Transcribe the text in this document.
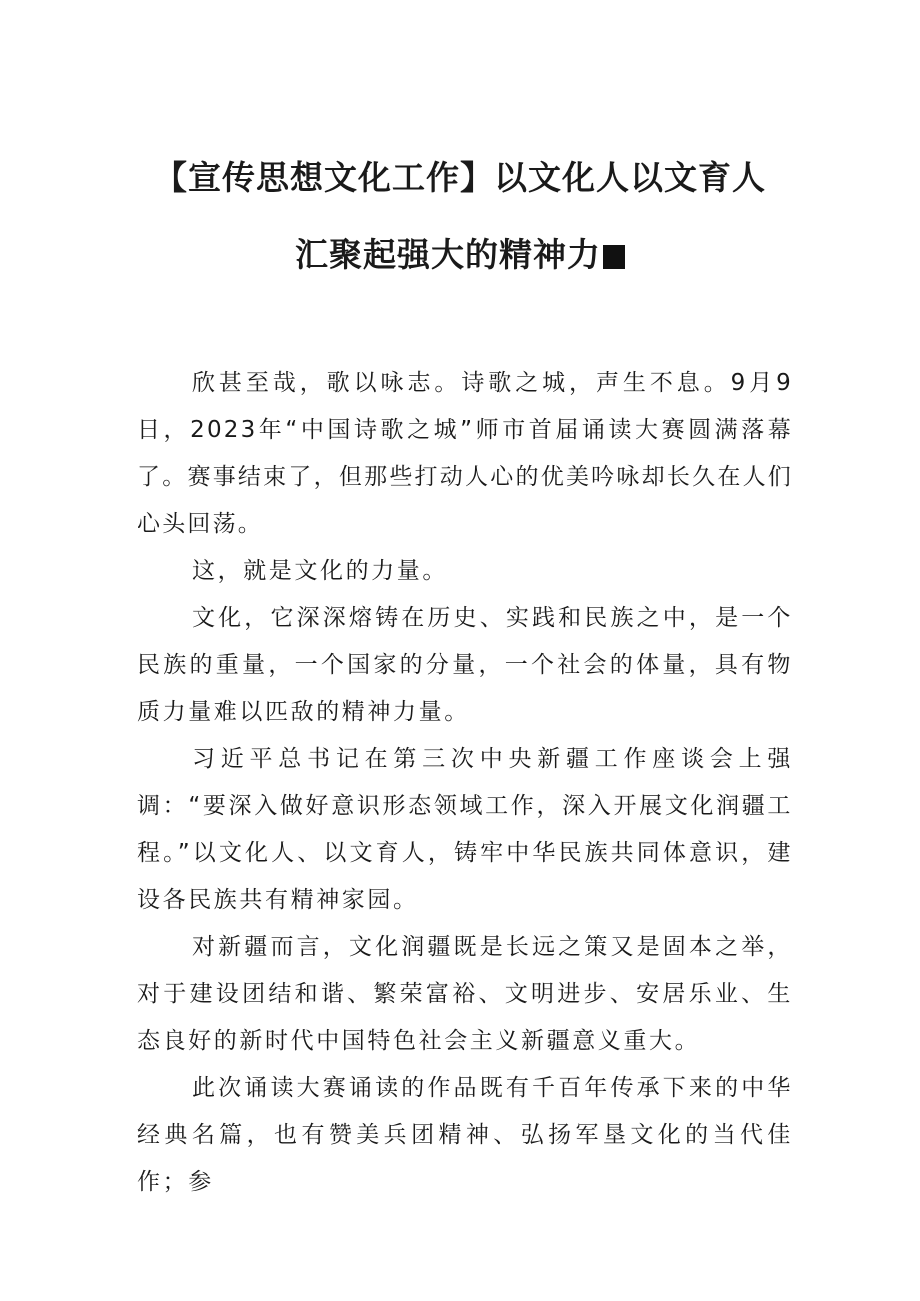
【宣传思想文化工作】以文化人以文育人
汇聚起强大的精神力

欣甚至哉，歌以咏志。诗歌之城，声生不息。9月9日，2023年“中国诗歌之城”师市首届诵读大赛圆满落幕了。赛事结束了，但那些打动人心的优美吟咏却长久在人们心头回荡。

这，就是文化的力量。

文化，它深深熔铸在历史、实践和民族之中，是一个民族的重量，一个国家的分量，一个社会的体量，具有物质力量难以匹敌的精神力量。

习近平总书记在第三次中央新疆工作座谈会上强调：“要深入做好意识形态领域工作，深入开展文化润疆工程。”以文化人、以文育人，铸牢中华民族共同体意识，建设各民族共有精神家园。

对新疆而言，文化润疆既是长远之策又是固本之举，对于建设团结和谐、繁荣富裕、文明进步、安居乐业、生态良好的新时代中国特色社会主义新疆意义重大。

此次诵读大赛诵读的作品既有千百年传承下来的中华经典名篇，也有赞美兵团精神、弘扬军垦文化的当代佳作；参
